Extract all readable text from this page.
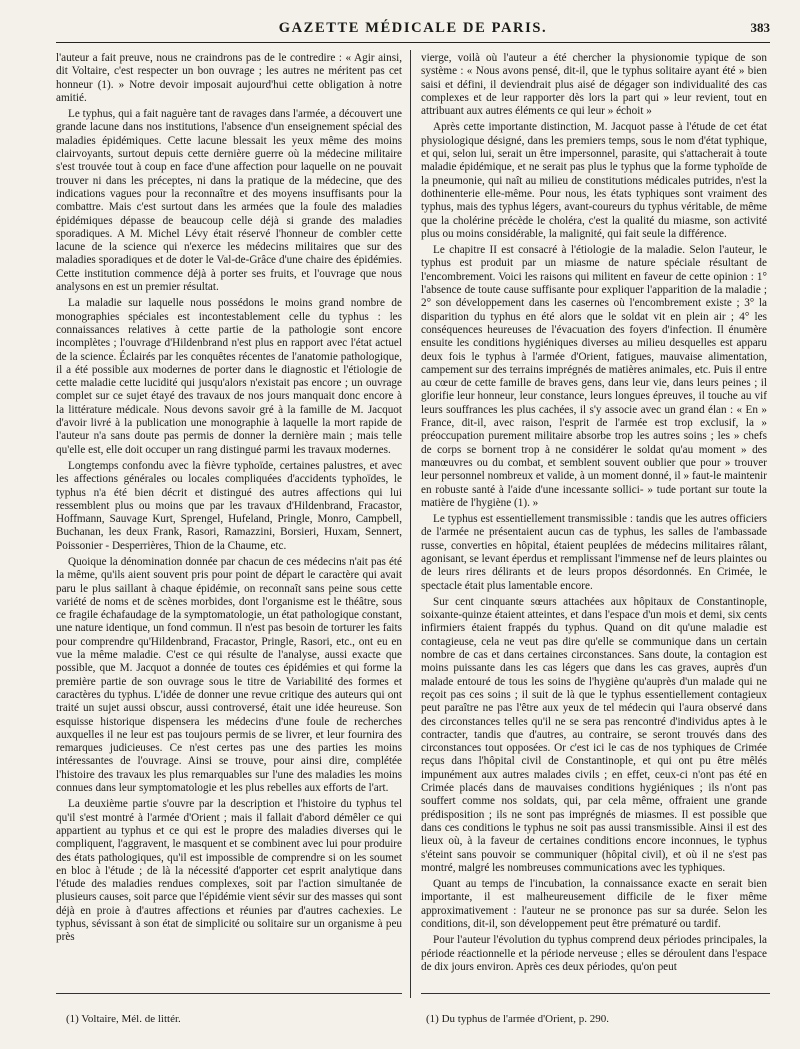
GAZETTE MÉDICALE DE PARIS.	383

l'auteur a fait preuve, nous ne craindrons pas de le contredire : « Agir ainsi, dit Voltaire, c'est respecter un bon ouvrage ; les autres ne méritent pas cet honneur (1). » Notre devoir imposait aujourd'hui cette obligation à notre amitié.

Le typhus, qui a fait naguère tant de ravages dans l'armée, a découvert une grande lacune dans nos institutions, l'absence d'un enseignement spécial des maladies épidémiques. Cette lacune blessait les yeux même des moins clairvoyants, surtout depuis cette dernière guerre où la médecine militaire s'est trouvée tout à coup en face d'une affection pour laquelle on ne pouvait trouver ni dans les préceptes, ni dans la pratique de la médecine, que des indications vagues pour la reconnaître et des moyens insuffisants pour la combattre. Mais c'est surtout dans les armées que la foule des maladies épidémiques dépasse de beaucoup celle déjà si grande des maladies sporadiques. A M. Michel Lévy était réservé l'honneur de combler cette lacune de la science qui n'exerce les médecins militaires que sur des maladies sporadiques et de doter le Val-de-Grâce d'une chaire des épidémies. Cette institution commence déjà à porter ses fruits, et l'ouvrage que nous analysons en est un premier résultat.

La maladie sur laquelle nous possédons le moins grand nombre de monographies spéciales est incontestablement celle du typhus : les connaissances relatives à cette partie de la pathologie sont encore incomplètes ; l'ouvrage d'Hildenbrand n'est plus en rapport avec l'état actuel de la science. Éclairés par les conquêtes récentes de l'anatomie pathologique, il a été possible aux modernes de porter dans le diagnostic et l'étiologie de cette maladie cette lucidité qui jusqu'alors n'existait pas encore ; un ouvrage complet sur ce sujet étayé des travaux de nos jours manquait donc encore à la littérature médicale. Nous devons savoir gré à la famille de M. Jacquot d'avoir livré à la publication une monographie à laquelle la mort rapide de l'auteur n'a sans doute pas permis de donner la dernière main ; mais telle qu'elle est, elle doit occuper un rang distingué parmi les travaux modernes.

Longtemps confondu avec la fièvre typhoïde, certaines palustres, et avec les affections générales ou locales compliquées d'accidents typhoïdes, le typhus n'a été bien décrit et distingué des autres affections qui lui ressemblent plus ou moins que par les travaux d'Hildenbrand, Fracastor, Hoffmann, Sauvage Kurt, Sprengel, Hufeland, Pringle, Monro, Campbell, Buchanan, les deux Frank, Rasori, Ramazzini, Borsieri, Huxam, Sennert, Poissonier - Desperrières, Thion de la Chaume, etc.

Quoique la dénomination donnée par chacun de ces médecins n'ait pas été la même, qu'ils aient souvent pris pour point de départ le caractère qui avait paru le plus saillant à chaque épidémie, on reconnaît sans peine sous cette variété de noms et de scènes morbides, dont l'organisme est le théâtre, sous ce fragile échafaudage de la symptomatologie, un état pathologique constant, une nature identique, un fond commun. Il n'est pas besoin de torturer les faits pour comprendre qu'Hildenbrand, Fracastor, Pringle, Rasori, etc., ont eu en vue la même maladie. C'est ce qui résulte de l'analyse, aussi exacte que possible, que M. Jacquot a donnée de toutes ces épidémies et qui forme la première partie de son ouvrage sous le titre de Variabilité des formes et caractères du typhus. L'idée de donner une revue critique des auteurs qui ont traité un sujet aussi obscur, aussi controversé, était une idée heureuse. Son esquisse historique dispensera les médecins d'une foule de recherches auxquelles il ne leur est pas toujours permis de se livrer, et leur fournira des remarques judicieuses. Ce n'est certes pas une des parties les moins intéressantes de l'ouvrage. Ainsi se trouve, pour ainsi dire, complétée l'histoire des travaux les plus remarquables sur l'une des maladies les moins connues dans leur symptomatologie et les plus rebelles aux efforts de l'art.

La deuxième partie s'ouvre par la description et l'histoire du typhus tel qu'il s'est montré à l'armée d'Orient ; mais il fallait d'abord démêler ce qui appartient au typhus et ce qui est le propre des maladies diverses qui le compliquent, l'aggravent, le masquent et se combinent avec lui pour produire des états pathologiques, qu'il est impossible de comprendre si on les soumet en bloc à l'étude ; de là la nécessité d'apporter cet esprit analytique dans l'étude des maladies rendues complexes, soit par l'action simultanée de plusieurs causes, soit parce que l'épidémie vient sévir sur des masses qui sont déjà en proie à d'autres affections et réunies par d'autres cachexies. Le typhus, sévissant à son état de simplicité ou solitaire sur un organisme à peu près

vierge, voilà où l'auteur a été chercher la physionomie typique de son système : « Nous avons pensé, dit-il, que le typhus solitaire ayant été » bien saisi et défini, il deviendrait plus aisé de dégager son individualité des cas complexes et de leur rapporter dès lors la part qui » leur revient, tout en attribuant aux autres éléments ce qui leur » échoit »

Après cette importante distinction, M. Jacquot passe à l'étude de cet état physiologique désigné, dans les premiers temps, sous le nom d'état typhique, et qui, selon lui, serait un être impersonnel, parasite, qui s'attacherait à toute maladie épidémique, et ne serait pas plus le typhus que la forme typhoïde de la pneumonie, qui naît au milieu de constitutions médicales putrides, n'est la dothinenterie elle-même. Pour nous, les états typhiques sont vraiment des typhus, mais des typhus légers, avant-coureurs du typhus véritable, de même que la cholérine précède le choléra, c'est la qualité du miasme, son activité plus ou moins considérable, la malignité, qui fait seule la différence.

Le chapitre II est consacré à l'étiologie de la maladie. Selon l'auteur, le typhus est produit par un miasme de nature spéciale résultant de l'encombrement. Voici les raisons qui militent en faveur de cette opinion : 1° l'absence de toute cause suffisante pour expliquer l'apparition de la maladie ; 2° son développement dans les casernes où l'encombrement existe ; 3° la disparition du typhus en été alors que le soldat vit en plein air ; 4° les conséquences heureuses de l'évacuation des foyers d'infection. Il énumère ensuite les conditions hygiéniques diverses au milieu desquelles est apparu deux fois le typhus à l'armée d'Orient, fatigues, mauvaise alimentation, campement sur des terrains imprégnés de matières animales, etc. Puis il entre au cœur de cette famille de braves gens, dans leur vie, dans leurs peines ; il glorifie leur honneur, leur constance, leurs longues épreuves, il touche au vif leurs souffrances les plus cachées, il s'y associe avec un grand élan : « En » France, dit-il, avec raison, l'esprit de l'armée est trop exclusif, la » préoccupation purement militaire absorbe trop les autres soins ; les » chefs de corps se bornent trop à ne considérer le soldat qu'au moment » des manœuvres ou du combat, et semblent souvent oublier que pour » trouver leur personnel nombreux et valide, à un moment donné, il » faut-le maintenir en robuste santé à l'aide d'une incessante sollici- » tude portant sur toute la matière de l'hygiène (1). »

Le typhus est essentiellement transmissible : tandis que les autres officiers de l'armée ne présentaient aucun cas de typhus, les salles de l'ambassade russe, converties en hôpital, étaient peuplées de médecins militaires râlant, agonisant, se levant éperdus et remplissant l'immense nef de leurs plaintes ou de leurs rires délirants et de leurs propos désordonnés. En Crimée, le spectacle était plus lamentable encore.

Sur cent cinquante sœurs attachées aux hôpitaux de Constantinople, soixante-quinze étaient atteintes, et dans l'espace d'un mois et demi, six cents infirmiers étaient frappés du typhus. Quand on dit qu'une maladie est contagieuse, cela ne veut pas dire qu'elle se communique dans un certain nombre de cas et dans certaines circonstances. Sans doute, la contagion est moins puissante dans les cas légers que dans les cas graves, auprès d'un malade entouré de tous les soins de l'hygiène qu'auprès d'un malade qui ne reçoit pas ces soins ; il suit de là que le typhus essentiellement contagieux peut paraître ne pas l'être aux yeux de tel médecin qui l'aura observé dans des circonstances telles qu'il ne se sera pas rencontré d'individus aptes à le contracter, tandis que d'autres, au contraire, se seront trouvés dans des circonstances tout opposées. Or c'est ici le cas de nos typhiques de Crimée reçus dans l'hôpital civil de Constantinople, et qui ont pu être mêlés impunément aux autres malades civils ; en effet, ceux-ci n'ont pas été en Crimée placés dans de mauvaises conditions hygiéniques ; ils n'ont pas souffert comme nos soldats, qui, par cela même, offraient une grande prédisposition ; ils ne sont pas imprégnés de miasmes. Il est possible que dans ces conditions le typhus ne soit pas aussi transmissible. Ainsi il est des lieux où, à la faveur de certaines conditions encore inconnues, le typhus s'éteint sans pouvoir se communiquer (hôpital civil), et où il ne s'est pas montré, malgré les nombreuses communications avec les typhiques.

Quant au temps de l'incubation, la connaissance exacte en serait bien importante, il est malheureusement difficile de le fixer même approximativement : l'auteur ne se prononce pas sur sa durée. Selon les conditions, dit-il, son développement peut être prématuré ou tardif.

Pour l'auteur l'évolution du typhus comprend deux périodes principales, la période réactionnelle et la période nerveuse ; elles se déroulent dans l'espace de dix jours environ. Après ces deux périodes, qu'on peut

(1) Voltaire, Mél. de littér.	(1) Du typhus de l'armée d'Orient, p. 290.
